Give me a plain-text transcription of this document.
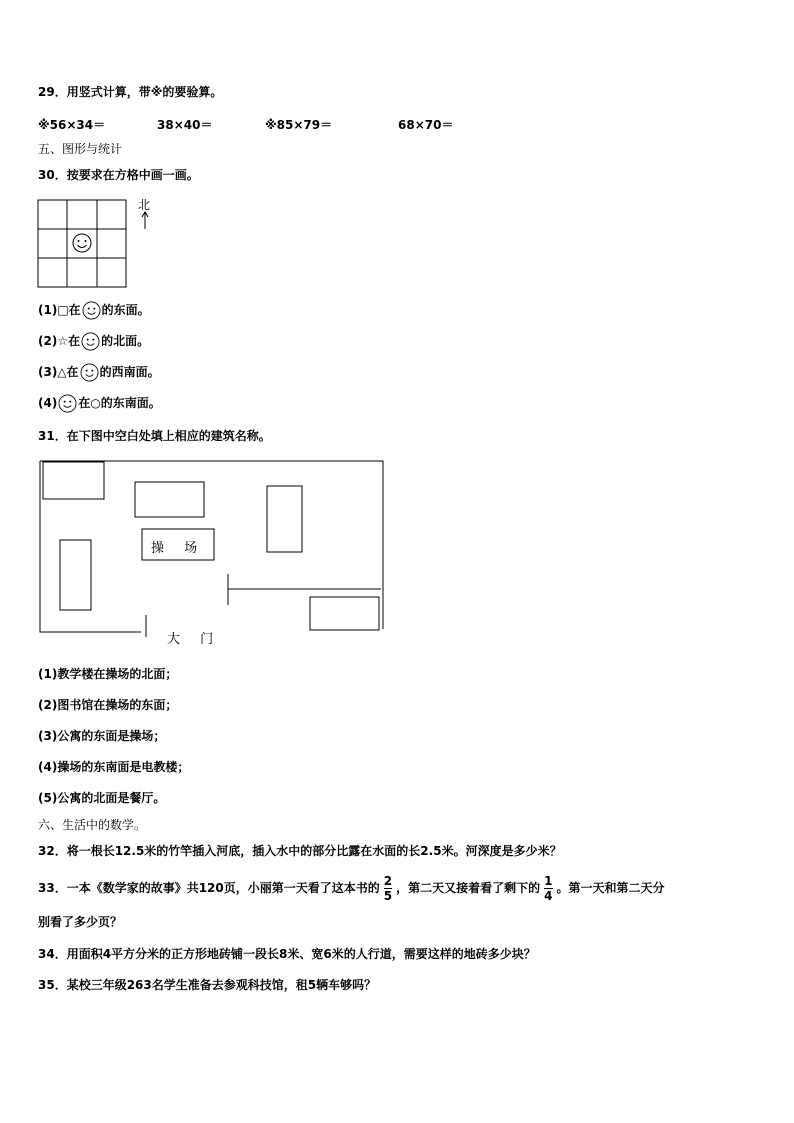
29．用竖式计算，带※的要验算。
※56×34＝	38×40＝	※85×79＝	68×70＝
五、图形与统计
30．按要求在方格中画一画。
北
(1)□在 的东面。
(2)☆在 的北面。
(3)△在 的西南面。
(4) 在○的东南面。
31．在下图中空白处填上相应的建筑名称。
操 场
大 门
(1)教学楼在操场的北面；
(2)图书馆在操场的东面；
(3)公寓的东面是操场；
(4)操场的东南面是电教楼；
(5)公寓的北面是餐厅。
六、生活中的数学。
32．将一根长12.5米的竹竿插入河底，插入水中的部分比露在水面的长2.5米。河深度是多少米？
33．一本《数学家的故事》共120页，小丽第一天看了这本书的 $\frac{2}{5}$ ，第二天又接着看了剩下的 $\frac{1}{4}$ 。第一天和第二天分
别看了多少页？
34．用面积4平方分米的正方形地砖铺一段长8米、宽6米的人行道，需要这样的地砖多少块？
35．某校三年级263名学生准备去参观科技馆，租5辆车够吗？
